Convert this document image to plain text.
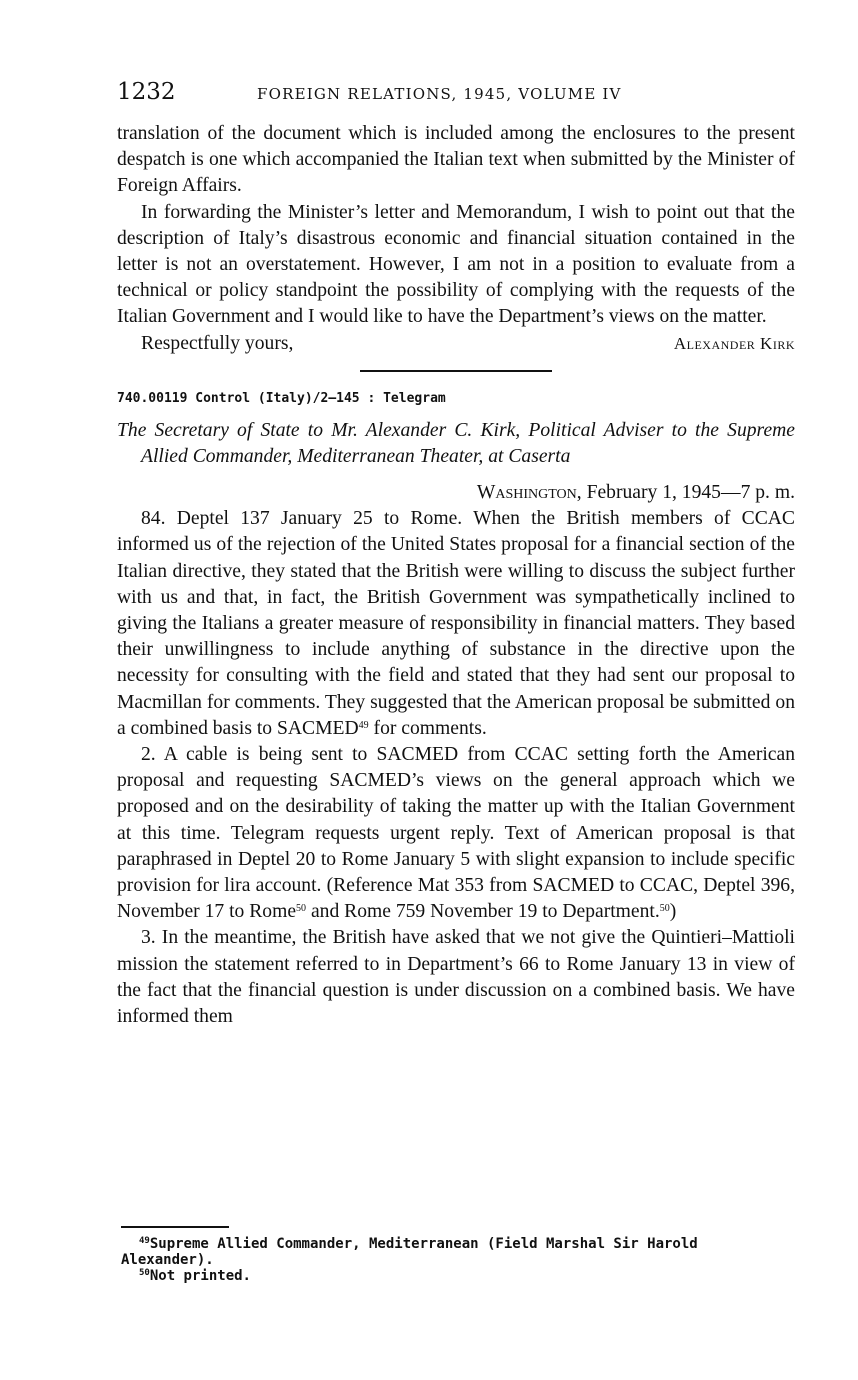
1232	FOREIGN RELATIONS, 1945, VOLUME IV

translation of the document which is included among the enclosures to the present despatch is one which accompanied the Italian text when submitted by the Minister of Foreign Affairs.

In forwarding the Minister’s letter and Memorandum, I wish to point out that the description of Italy’s disastrous economic and financial situation contained in the letter is not an overstatement. However, I am not in a position to evaluate from a technical or policy standpoint the possibility of complying with the requests of the Italian Government and I would like to have the Department’s views on the matter.

Respectfully yours,	Alexander Kirk
740.00119 Control (Italy)/2–145 : Telegram

The Secretary of State to Mr. Alexander C. Kirk, Political Adviser to the Supreme Allied Commander, Mediterranean Theater, at Caserta

Washington, February 1, 1945—7 p. m.

84. Deptel 137 January 25 to Rome. When the British members of CCAC informed us of the rejection of the United States proposal for a financial section of the Italian directive, they stated that the British were willing to discuss the subject further with us and that, in fact, the British Government was sympathetically inclined to giving the Italians a greater measure of responsibility in financial matters. They based their unwillingness to include anything of substance in the directive upon the necessity for consulting with the field and stated that they had sent our proposal to Macmillan for comments. They suggested that the American proposal be submitted on a combined basis to SACMED$^{49}$ for comments.

2. A cable is being sent to SACMED from CCAC setting forth the American proposal and requesting SACMED’s views on the general approach which we proposed and on the desirability of taking the matter up with the Italian Government at this time. Telegram requests urgent reply. Text of American proposal is that paraphrased in Deptel 20 to Rome January 5 with slight expansion to include specific provision for lira account. (Reference Mat 353 from SACMED to CCAC, Deptel 396, November 17 to Rome$^{50}$ and Rome 759 November 19 to Department.$^{50}$)

3. In the meantime, the British have asked that we not give the Quintieri–Mattioli mission the statement referred to in Department’s 66 to Rome January 13 in view of the fact that the financial question is under discussion on a combined basis. We have informed them

$^{49}$Supreme Allied Commander, Mediterranean (Field Marshal Sir Harold Alexander).

$^{50}$Not printed.
